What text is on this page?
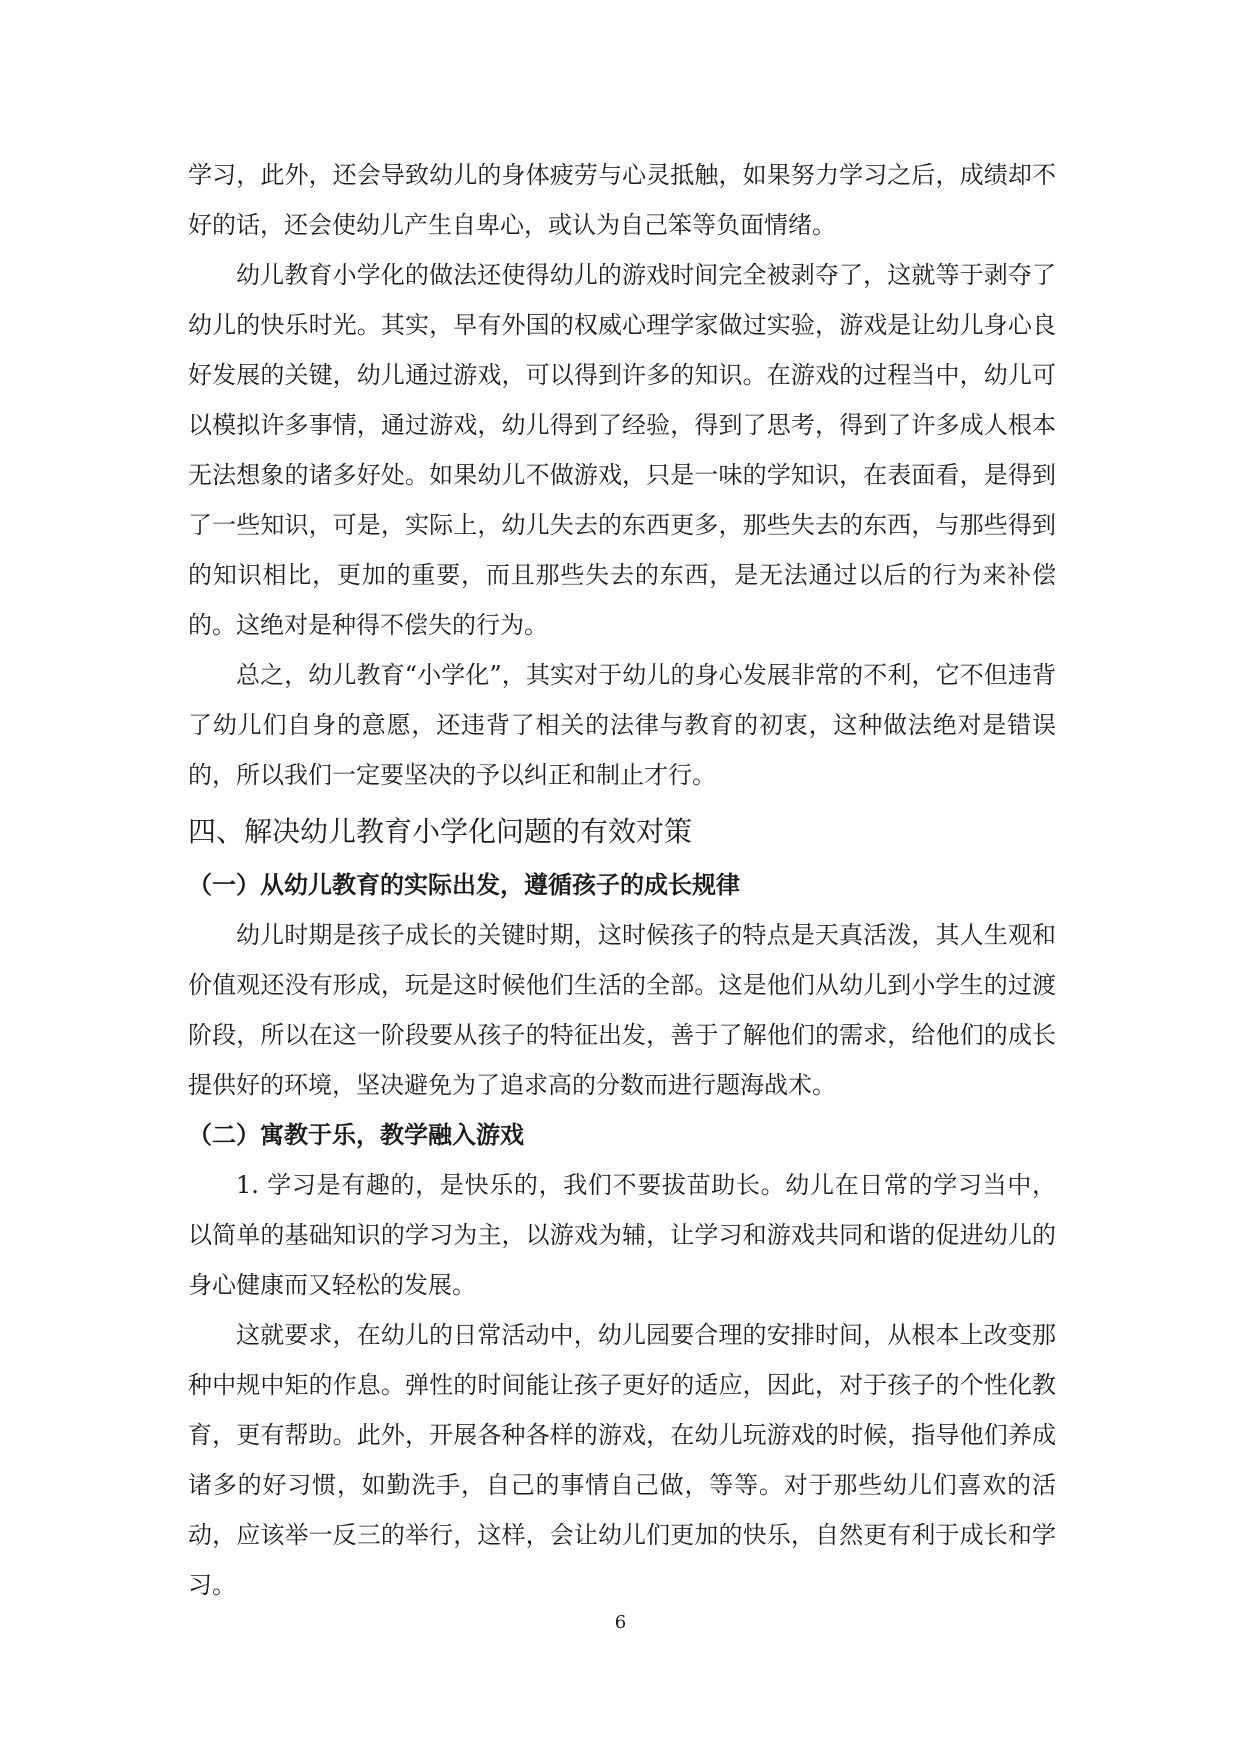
学习，此外，还会导致幼儿的身体疲劳与心灵抵触，如果努力学习之后，成绩却不好的话，还会使幼儿产生自卑心，或认为自己笨等负面情绪。

幼儿教育小学化的做法还使得幼儿的游戏时间完全被剥夺了，这就等于剥夺了幼儿的快乐时光。其实，早有外国的权威心理学家做过实验，游戏是让幼儿身心良好发展的关键，幼儿通过游戏，可以得到许多的知识。在游戏的过程当中，幼儿可以模拟许多事情，通过游戏，幼儿得到了经验，得到了思考，得到了许多成人根本无法想象的诸多好处。如果幼儿不做游戏，只是一味的学知识，在表面看，是得到了一些知识，可是，实际上，幼儿失去的东西更多，那些失去的东西，与那些得到的知识相比，更加的重要，而且那些失去的东西，是无法通过以后的行为来补偿的。这绝对是种得不偿失的行为。

总之，幼儿教育“小学化”，其实对于幼儿的身心发展非常的不利，它不但违背了幼儿们自身的意愿，还违背了相关的法律与教育的初衷，这种做法绝对是错误的，所以我们一定要坚决的予以纠正和制止才行。

四、解决幼儿教育小学化问题的有效对策
（一）从幼儿教育的实际出发，遵循孩子的成长规律

幼儿时期是孩子成长的关键时期，这时候孩子的特点是天真活泼，其人生观和价值观还没有形成，玩是这时候他们生活的全部。这是他们从幼儿到小学生的过渡阶段，所以在这一阶段要从孩子的特征出发，善于了解他们的需求，给他们的成长提供好的环境，坚决避免为了追求高的分数而进行题海战术。

（二）寓教于乐，教学融入游戏

1. 学习是有趣的，是快乐的，我们不要拔苗助长。幼儿在日常的学习当中，以简单的基础知识的学习为主，以游戏为辅，让学习和游戏共同和谐的促进幼儿的身心健康而又轻松的发展。

这就要求，在幼儿的日常活动中，幼儿园要合理的安排时间，从根本上改变那种中规中矩的作息。弹性的时间能让孩子更好的适应，因此，对于孩子的个性化教育，更有帮助。此外，开展各种各样的游戏，在幼儿玩游戏的时候，指导他们养成诸多的好习惯，如勤洗手，自己的事情自己做，等等。对于那些幼儿们喜欢的活动，应该举一反三的举行，这样，会让幼儿们更加的快乐，自然更有利于成长和学习。

6
